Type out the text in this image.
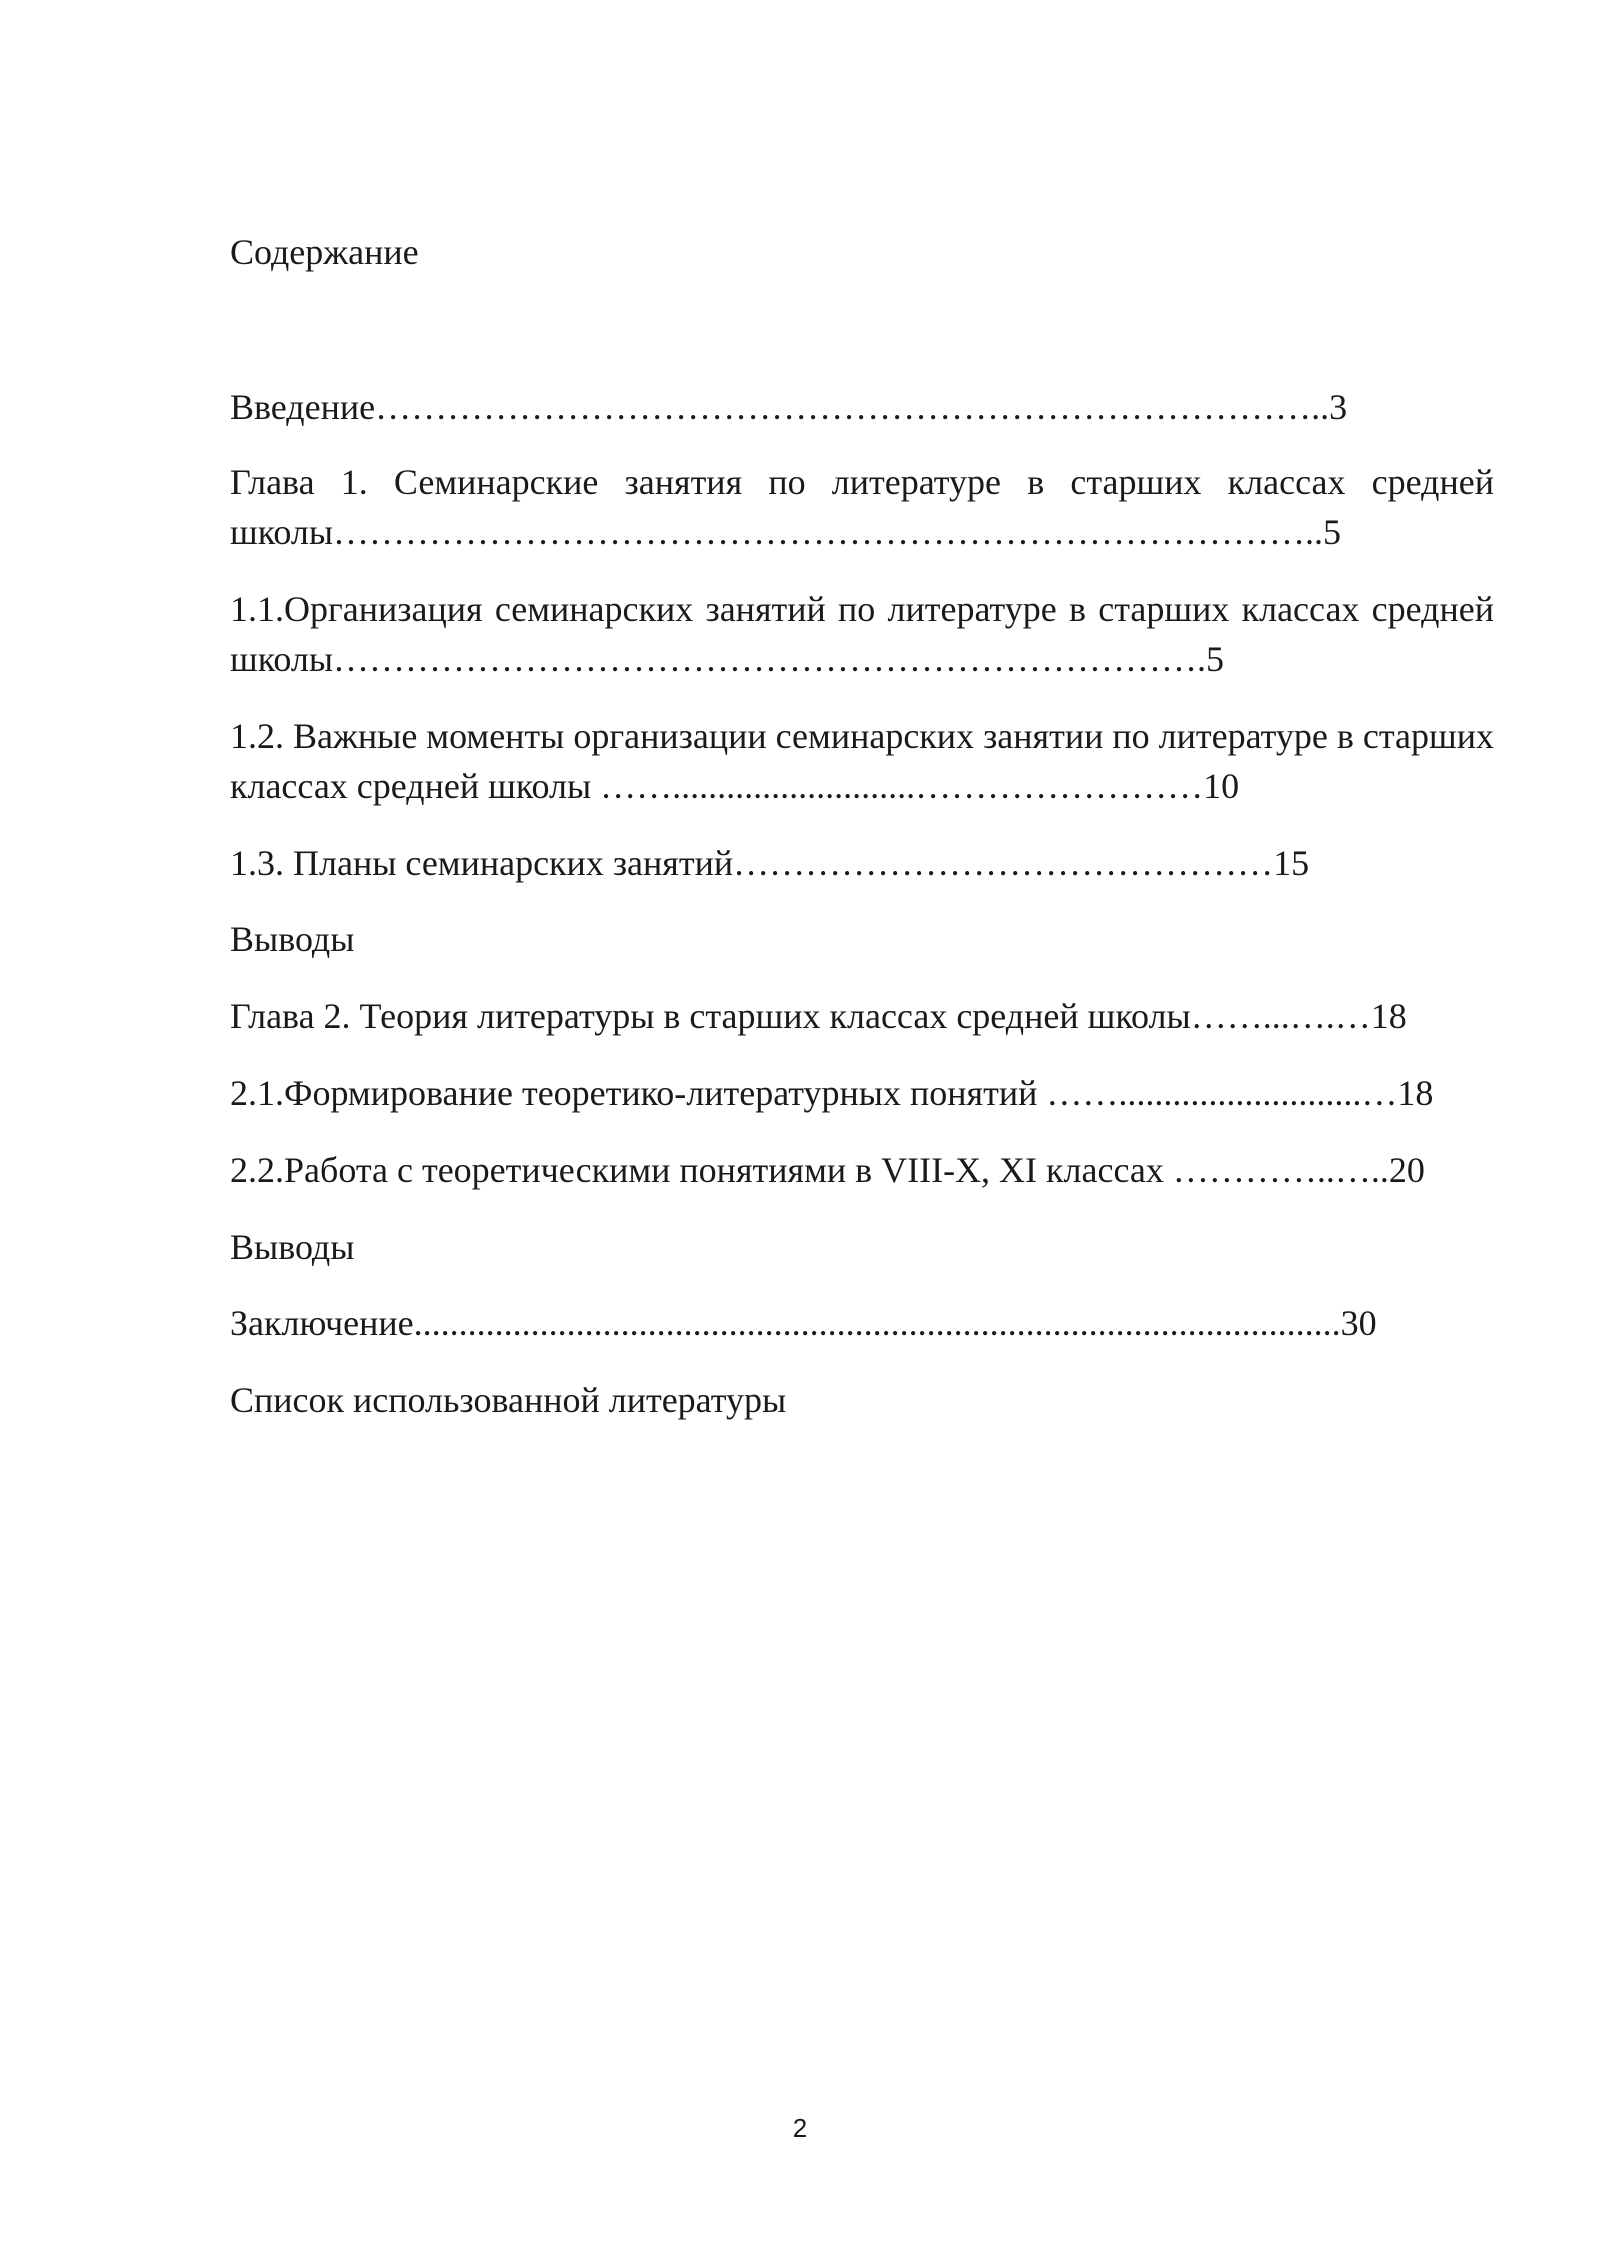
Содержание
Введение……………………………………………………………………..3
Глава 1. Семинарские занятия по литературе в старших классах средней школы………………………………………………………………………..5
1.1.Организация семинарских занятий по литературе в старших классах средней школы……………………………………………………………….5
1.2. Важные моменты организации семинарских занятии по литературе в старших классах средней школы ……...........................……………………10
1.3. Планы семинарских занятий………………………………………15
Выводы
Глава 2. Теория литературы в старших классах средней школы……...….…18
2.1.Формирование теоретико-литературных понятий ……...........................…18
2.2.Работа с теоретическими понятиями в VIII-X, XI классах …………..…..20
Выводы
Заключение.......................................................................................................30
Список использованной литературы
2
